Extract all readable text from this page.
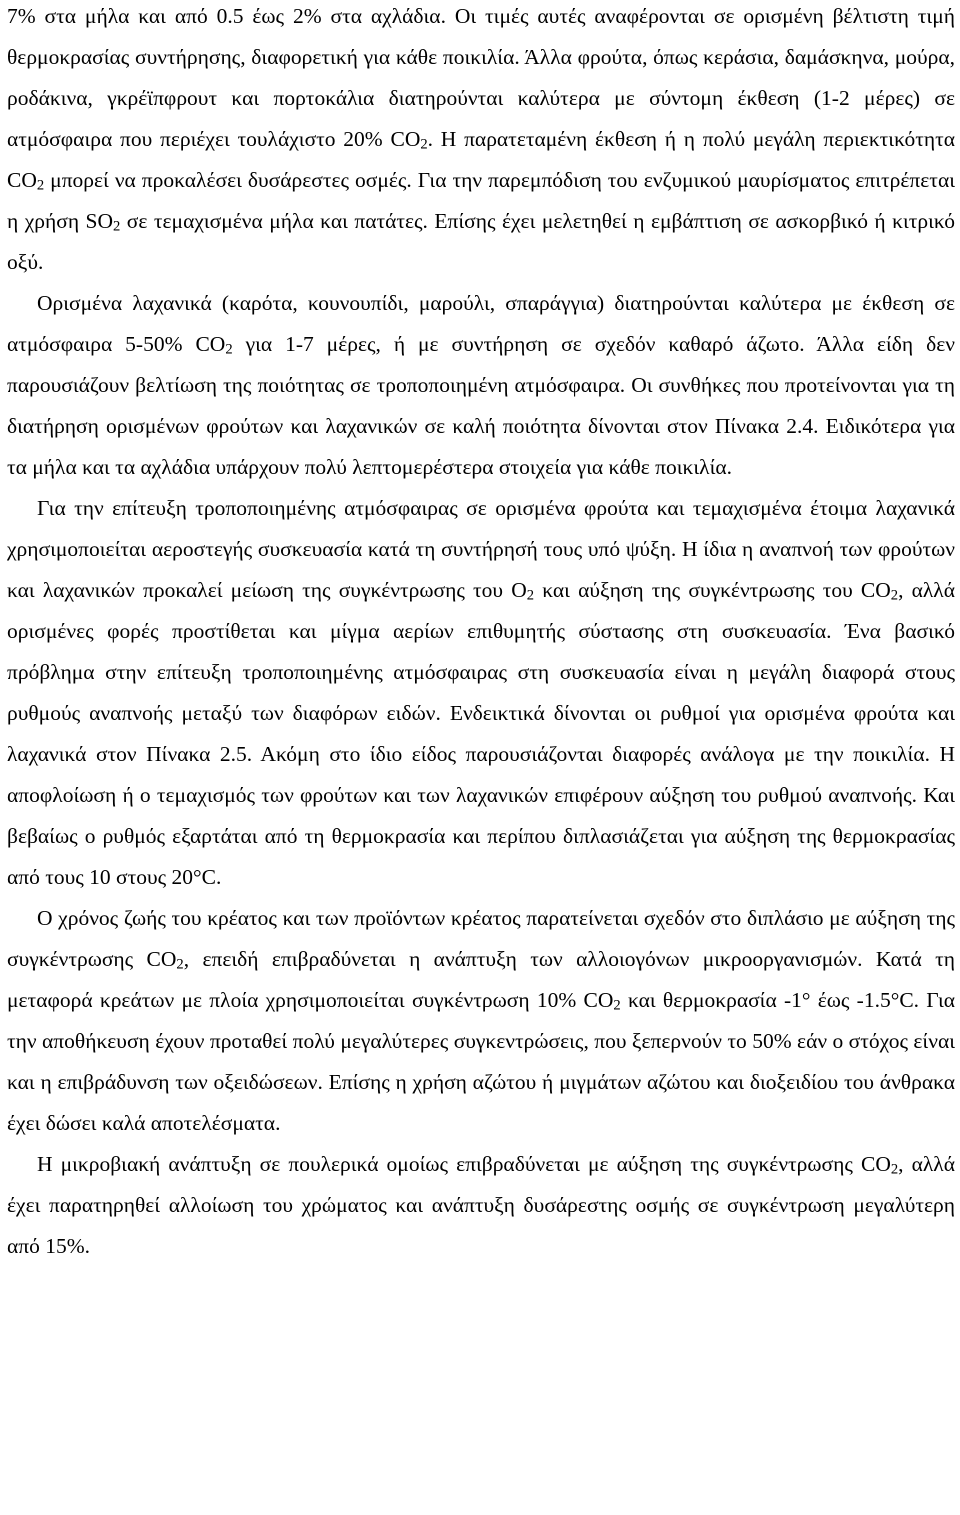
7% στα μήλα και από 0.5 έως 2% στα αχλάδια. Οι τιμές αυτές αναφέρονται σε ορισμένη βέλτιστη τιμή θερμοκρασίας συντήρησης, διαφορετική για κάθε ποικιλία. Άλλα φρούτα, όπως κεράσια, δαμάσκηνα, μούρα, ροδάκινα, γκρέϊπφρουτ και πορτοκάλια διατηρούνται καλύτερα με σύντομη έκθεση (1-2 μέρες) σε ατμόσφαιρα που περιέχει τουλάχιστο 20% $CO_2$. Η παρατεταμένη έκθεση ή η πολύ μεγάλη περιεκτικότητα $CO_2$ μπορεί να προκαλέσει δυσάρεστες οσμές. Για την παρεμπόδιση του ενζυμικού μαυρίσματος επιτρέπεται η χρήση $SO_2$ σε τεμαχισμένα μήλα και πατάτες. Επίσης έχει μελετηθεί η εμβάπτιση σε ασκορβικό ή κιτρικό οξύ.

Ορισμένα λαχανικά (καρότα, κουνουπίδι, μαρούλι, σπαράγγια) διατηρούνται καλύτερα με έκθεση σε ατμόσφαιρα 5-50% $CO_2$ για 1-7 μέρες, ή με συντήρηση σε σχεδόν καθαρό άζωτο. Άλλα είδη δεν παρουσιάζουν βελτίωση της ποιότητας σε τροποποιημένη ατμόσφαιρα. Οι συνθήκες που προτείνονται για τη διατήρηση ορισμένων φρούτων και λαχανικών σε καλή ποιότητα δίνονται στον Πίνακα 2.4. Ειδικότερα για τα μήλα και τα αχλάδια υπάρχουν πολύ λεπτομερέστερα στοιχεία για κάθε ποικιλία.

Για την επίτευξη τροποποιημένης ατμόσφαιρας σε ορισμένα φρούτα και τεμαχισμένα έτοιμα λαχανικά χρησιμοποιείται αεροστεγής συσκευασία κατά τη συντήρησή τους υπό ψύξη. Η ίδια η αναπνοή των φρούτων και λαχανικών προκαλεί μείωση της συγκέντρωσης του $O_2$ και αύξηση της συγκέντρωσης του $CO_2$, αλλά ορισμένες φορές προστίθεται και μίγμα αερίων επιθυμητής σύστασης στη συσκευασία. Ένα βασικό πρόβλημα στην επίτευξη τροποποιημένης ατμόσφαιρας στη συσκευασία είναι η μεγάλη διαφορά στους ρυθμούς αναπνοής μεταξύ των διαφόρων ειδών. Ενδεικτικά δίνονται οι ρυθμοί για ορισμένα φρούτα και λαχανικά στον Πίνακα 2.5. Ακόμη στο ίδιο είδος παρουσιάζονται διαφορές ανάλογα με την ποικιλία. Η αποφλοίωση ή ο τεμαχισμός των φρούτων και των λαχανικών επιφέρουν αύξηση του ρυθμού αναπνοής. Και βεβαίως ο ρυθμός εξαρτάται από τη θερμοκρασία και περίπου διπλασιάζεται για αύξηση της θερμοκρασίας από τους 10 στους 20°C.

Ο χρόνος ζωής του κρέατος και των προϊόντων κρέατος παρατείνεται σχεδόν στο διπλάσιο με αύξηση της συγκέντρωσης $CO_2$, επειδή επιβραδύνεται η ανάπτυξη των αλλοιογόνων μικροοργανισμών. Κατά τη μεταφορά κρεάτων με πλοία χρησιμοποιείται συγκέντρωση 10% $CO_2$ και θερμοκρασία -1° έως -1.5°C. Για την αποθήκευση έχουν προταθεί πολύ μεγαλύτερες συγκεντρώσεις, που ξεπερνούν το 50% εάν ο στόχος είναι και η επιβράδυνση των οξειδώσεων. Επίσης η χρήση αζώτου ή μιγμάτων αζώτου και διοξειδίου του άνθρακα έχει δώσει καλά αποτελέσματα.

Η μικροβιακή ανάπτυξη σε πουλερικά ομοίως επιβραδύνεται με αύξηση της συγκέντρωσης $CO_2$, αλλά έχει παρατηρηθεί αλλοίωση του χρώματος και ανάπτυξη δυσάρεστης οσμής σε συγκέντρωση μεγαλύτερη από 15%.
